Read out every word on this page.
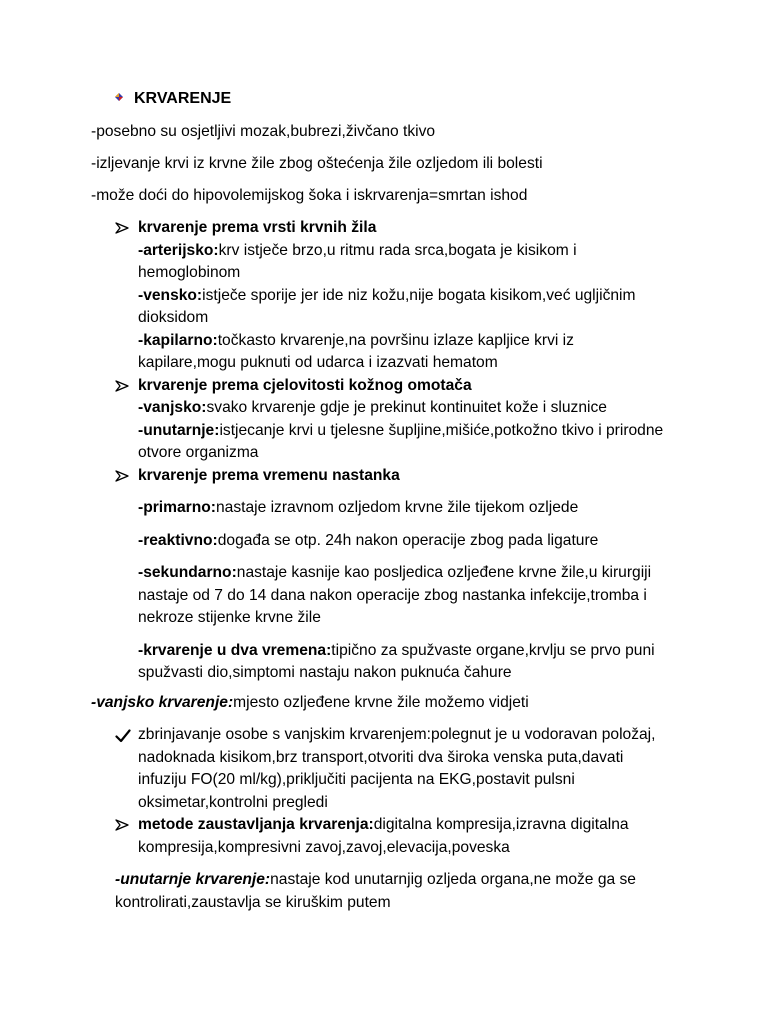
KRVARENJE

-posebno su osjetljivi mozak,bubrezi,živčano tkivo

-izljevanje krvi iz krvne žile zbog oštećenja žile ozljedom ili bolesti

-može doći do hipovolemijskog šoka i iskrvarenja=smrtan ishod

krvarenje prema vrsti krvnih žila
-arterijsko:krv istječe brzo,u ritmu rada srca,bogata je kisikom i hemoglobinom
-vensko:istječe sporije jer ide niz kožu,nije bogata kisikom,već ugljičnim dioksidom
-kapilarno:točkasto krvarenje,na površinu izlaze kapljice krvi iz kapilare,mogu puknuti od udarca i izazvati hematom
krvarenje prema cjelovitosti kožnog omotača
-vanjsko:svako krvarenje gdje je prekinut kontinuitet kože i sluznice
-unutarnje:istjecanje krvi u tjelesne šupljine,mišiće,potkožno tkivo i prirodne otvore organizma
krvarenje prema vremenu nastanka
-primarno:nastaje izravnom ozljedom krvne žile tijekom ozljede
-reaktivno:događa se otp. 24h nakon operacije zbog pada ligature
-sekundarno:nastaje kasnije kao posljedica ozljeđene krvne žile,u kirurgiji nastaje od 7 do 14 dana nakon operacije zbog nastanka infekcije,tromba i nekroze stijenke krvne žile
-krvarenje u dva vremena:tipično za spužvaste organe,krvlju se prvo puni spužvasti dio,simptomi nastaju nakon puknuća čahure

-vanjsko krvarenje:mjesto ozljeđene krvne žile možemo vidjeti

zbrinjavanje osobe s vanjskim krvarenjem:polegnut je u vodoravan položaj, nadoknada kisikom,brz transport,otvoriti dva široka venska puta,davati infuziju FO(20 ml/kg),priključiti pacijenta na EKG,postavit pulsni oksimetar,kontrolni pregledi
metode zaustavljanja krvarenja:digitalna kompresija,izravna digitalna kompresija,kompresivni zavoj,zavoj,elevacija,poveska
-unutarnje krvarenje:nastaje kod unutarnjig ozljeda organa,ne može ga se kontrolirati,zaustavlja se kiruškim putem
